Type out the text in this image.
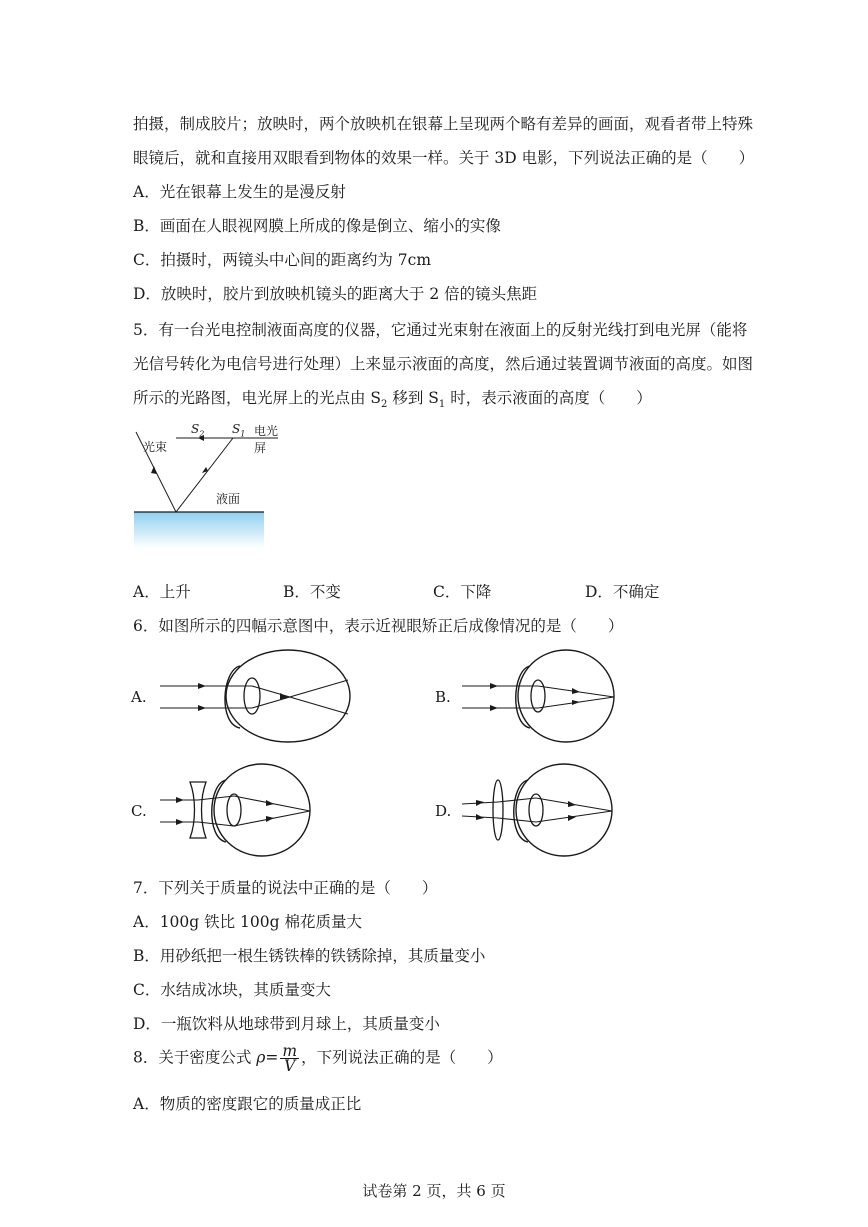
拍摄，制成胶片；放映时，两个放映机在银幕上呈现两个略有差异的画面，观看者带上特殊
眼镜后，就和直接用双眼看到物体的效果一样。关于 3D 电影，下列说法正确的是（　　）
A．光在银幕上发生的是漫反射
B．画面在人眼视网膜上所成的像是倒立、缩小的实像
C．拍摄时，两镜头中心间的距离约为 7cm
D．放映时，胶片到放映机镜头的距离大于 2 倍的镜头焦距
5．有一台光电控制液面高度的仪器，它通过光束射在液面上的反射光线打到电光屏（能将
光信号转化为电信号进行处理）上来显示液面的高度，然后通过装置调节液面的高度。如图
所示的光路图，电光屏上的光点由 $S_2$ 移到 $S_1$ 时，表示液面的高度（　　）
光束
$S_2$ $S_1$ 电光屏
液面
A．上升	B．不变	C．下降	D．不确定
6．如图所示的四幅示意图中，表示近视眼矫正后成像情况的是（　　）
A.	B.
C.	D.
7．下列关于质量的说法中正确的是（　　）
A．100g 铁比 100g 棉花质量大
B．用砂纸把一根生锈铁棒的铁锈除掉，其质量变小
C．水结成冰块，其质量变大
D．一瓶饮料从地球带到月球上，其质量变小
8．关于密度公式 $\rho= \frac{m}{V}$ ，下列说法正确的是（　　）
A．物质的密度跟它的质量成正比
试卷第 2 页，共 6 页
